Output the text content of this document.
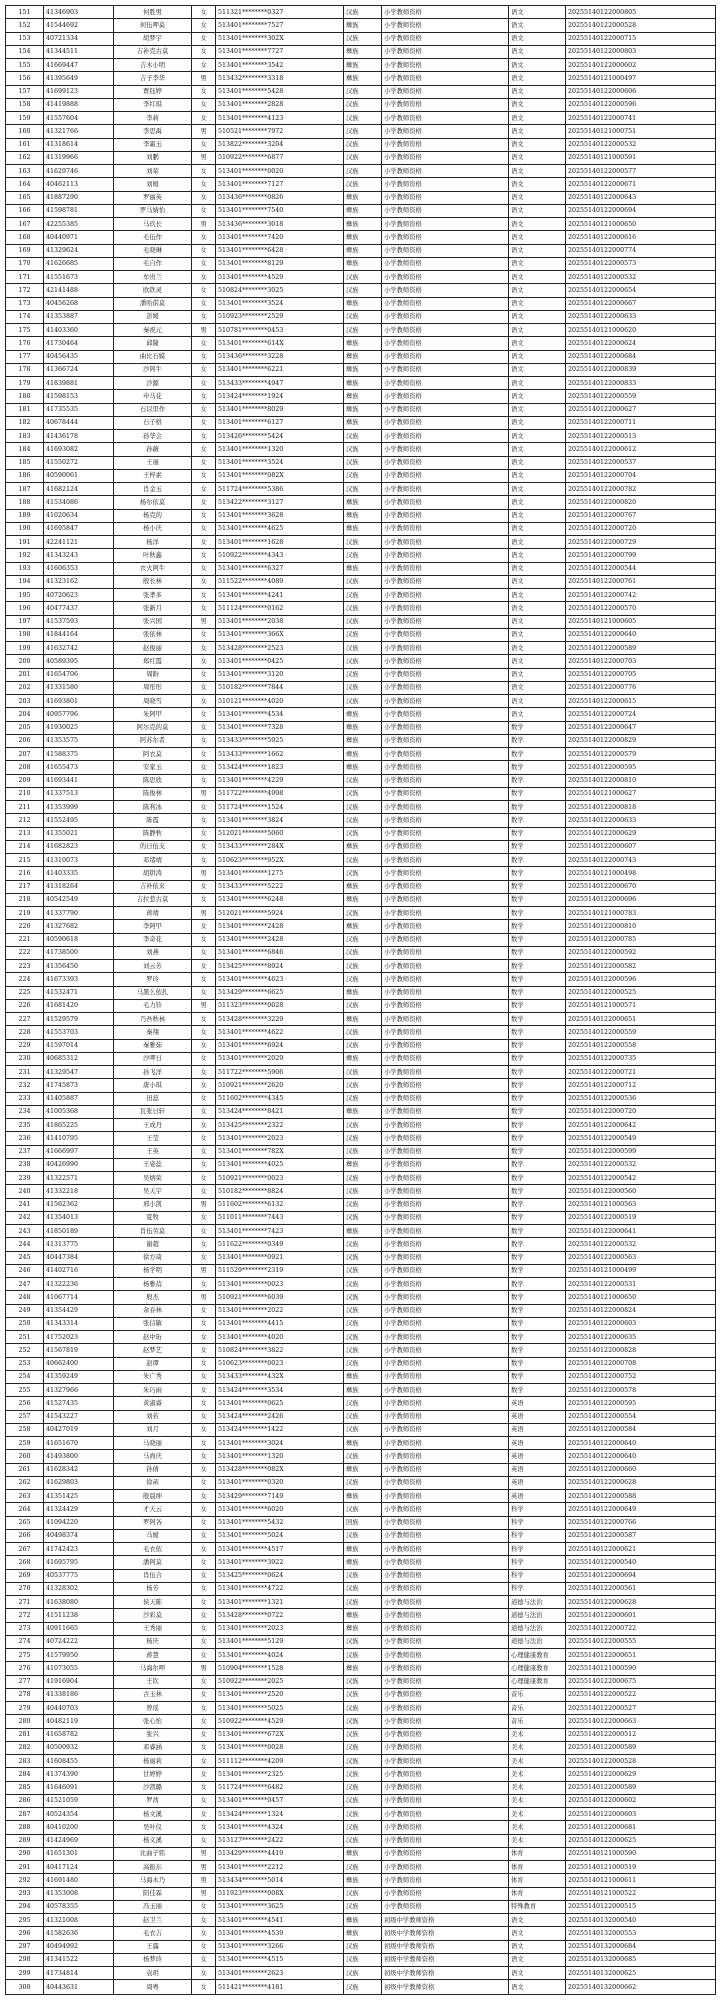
151	41346903	何胜男	女	511321********0327	汉族	小学教师资格	语文	20255140122000805
152	41544692	何伍呷莫	女	513401********7527	彝族	小学教师资格	语文	20255140122000528
153	40721334	胡梦宇	女	513401********302X	汉族	小学教师资格	语文	20255140122000715
154	41344511	吉补克古莫	女	513401********7727	彝族	小学教师资格	语文	20255140122000803
155	41669447	吉木小明	女	513401********3542	彝族	小学教师资格	语文	20255140122000602
156	41395649	吉子李华	男	513432********3318	彝族	小学教师资格	语文	20255140121000497
157	41699123	贾钰婷	女	513401********5428	汉族	小学教师资格	语文	20255140122000606
158	41419888	李红琪	女	513401********2828	汉族	小学教师资格	语文	20255140122000596
159	41557604	李莉	女	513401********4123	汉族	小学教师资格	语文	20255140122000741
160	41321766	李思禹	男	510521********7972	汉族	小学教师资格	语文	20255140121000751
161	41318614	李霜玉	女	513822********3204	汉族	小学教师资格	语文	20255140122000532
162	41319966	刘鹏	男	510922********6877	汉族	小学教师资格	语文	20255140121000591
163	41629746	刘荣	女	513401********0020	汉族	小学教师资格	语文	20255140122000577
164	40462113	刘媛	女	513401********7127	汉族	小学教师资格	语文	20255140122000671
165	41887290	罗丽英	女	513436********0826	彝族	小学教师资格	语文	20255140122000643
166	41598781	罗马婧怡	女	513401********7540	彝族	小学教师资格	语文	20255140122000694
167	42255385	马玖长	男	513436********3018	彝族	小学教师资格	语文	20255140121000650
168	40440971	毛伍作	女	513401********7420	彝族	小学教师资格	语文	20255140122000616
169	41329624	毛晓琳	女	513401********6428	彝族	小学教师资格	语文	20255140122000774
170	41626685	毛自作	女	513401********8129	彝族	小学教师资格	语文	20255140122000573
171	41551673	牟贵兰	女	513401********4529	汉族	小学教师资格	语文	20255140122000532
172	42141488	欧铁灵	女	510824********3025	汉族	小学教师资格	语文	20255140122000654
173	40456268	潘哈偌莫	女	513401********3524	彝族	小学教师资格	语文	20255140122000667
174	41353887	彭媛	女	510923********2529	汉族	小学教师资格	语文	20255140122000633
175	41403360	秦祝元	男	510781********0453	汉族	小学教师资格	语文	20255140121000620
176	41730464	邱隆	女	513401********614X	彝族	小学教师资格	语文	20255140122000624
177	40456435	曲比石嫫	女	513436********3228	彝族	小学教师资格	语文	20255140122000684
178	41366724	沙阿牛	女	513401********6221	彝族	小学教师资格	语文	20255140122000839
179	41839881	沙源	女	513433********4947	彝族	小学教师资格	语文	20255140122000833
180	41598153	申马花	女	513424********1924	彝族	小学教师资格	语文	20255140122000559
181	41735535	石以里作	女	513401********8029	彝族	小学教师资格	语文	20255140122000627
182	40678444	石子格	女	513401********6127	彝族	小学教师资格	语文	20255140122000711
183	41436178	孙华会	女	513426********5424	汉族	小学教师资格	语文	20255140122000513
184	41693082	孙薇	女	513401********1320	汉族	小学教师资格	语文	20255140122000612
185	41550272	王丽	女	513401********3524	汉族	小学教师资格	语文	20255140122000537
186	40590061	王梓素	女	513401********082X	汉族	小学教师资格	语文	20255140122000704
187	41682124	肖金玉	女	511724********5386	汉族	小学教师资格	语文	20255140122000782
188	41534086	杨尔依莫	女	513422********3127	彝族	小学教师资格	语文	20255140122000820
189	41020634	杨克的	女	513401********3628	彝族	小学教师资格	语文	20255140122000767
190	41695847	杨小庆	女	513401********4625	彝族	小学教师资格	语文	20255140122000720
191	42241121	杨洋	女	513401********1628	汉族	小学教师资格	语文	20255140122000729
192	41343243	叶秋鑫	女	510922********4343	汉族	小学教师资格	语文	20255140122000799
193	41606353	衣火阿牛	女	513401********6327	彝族	小学教师资格	语文	20255140122000544
194	41323162	殷长林	女	511522********4089	汉族	小学教师资格	语文	20255140122000761
195	40720623	张孝多	女	513401********4241	汉族	小学教师资格	语文	20255140122000742
196	40477437	张新月	女	511124********0162	汉族	小学教师资格	语文	20255140122000570
197	41537593	张兴国	男	513401********2038	汉族	小学教师资格	语文	20255140121000605
198	41844164	张依林	女	513401********366X	汉族	小学教师资格	语文	20255140122000640
199	41632742	赵俊丽	女	513428********2523	汉族	小学教师资格	语文	20255140122000589
200	40589395	郑红霞	女	513401********0425	汉族	小学教师资格	语文	20255140122000703
201	41654706	周盼	女	513401********3120	汉族	小学教师资格	语文	20255140122000705
202	41331580	周彤彤	女	510182********7844	汉族	小学教师资格	语文	20255140122000776
203	41693801	周晓雪	女	510121********4020	汉族	小学教师资格	语文	20255140122000615
204	40957796	朱阿甲	女	513401********4534	彝族	小学教师资格	语文	20255140122000724
205	41930025	阿尔克的莫	女	513401********7328	彝族	小学教师资格	数学	20255140122000647
206	41353575	阿苏尔者	女	513433********5925	彝族	小学教师资格	数学	20255140122000829
207	41588375	阿衣莫	女	513433********1662	彝族	小学教师资格	数学	20255140122000579
208	41655473	安家玉	女	513424********1823	彝族	小学教师资格	数学	20255140122000595
209	41693441	陈思欣	女	513401********4229	汉族	小学教师资格	数学	20255140122000810
210	41337513	陈俊林	男	511722********4998	汉族	小学教师资格	数学	20255140121000627
211	41353999	陈利冰	女	511724********1524	汉族	小学教师资格	数学	20255140122000818
212	41552495	陈霞	女	513401********3824	汉族	小学教师资格	数学	20255140122000633
213	41355021	陈静秋	女	512021********5060	汉族	小学教师资格	数学	20255140122000629
214	41682823	的日伍支	女	513433********284X	彝族	小学教师资格	数学	20255140122000607
215	41310073	邓绪靖	女	510623********952X	汉族	小学教师资格	数学	20255140122000743
216	41403335	胡钥涛	男	513401********1275	汉族	小学教师资格	数学	20255140121000498
217	41318264	吉补依来	女	513433********5222	彝族	小学教师资格	数学	20255140122000670
218	40542549	吉拉惹古莫	女	513401********6248	彝族	小学教师资格	数学	20255140122000696
219	41337790	蒋靖	男	512021********5924	汉族	小学教师资格	数学	20255140121000783
220	41327682	李阿甲	女	513401********2428	彝族	小学教师资格	数学	20255140122000810
221	40590618	李奇花	女	513401********2428	汉族	小学教师资格	数学	20255140122000785
222	41738500	刘燕	女	513401********6846	汉族	小学教师资格	数学	20255140122000592
223	41356450	刘云芳	女	513425********8924	汉族	小学教师资格	数学	20255140122000582
224	41673393	罗玲	女	513401********4623	汉族	小学教师资格	数学	20255140122000596
225	41532471	马黑么依扎	女	513429********6625	彝族	小学教师资格	数学	20255140122000525
226	41681420	毛力铃	男	511323********0028	汉族	小学教师资格	数学	20255140121000571
227	41529579	乃吾秋林	女	513428********3229	彝族	小学教师资格	数学	20255140122000651
228	41553703	秦翔	女	513401********4622	汉族	小学教师资格	数学	20255140122000559
229	41597014	秦雅茹	女	513401********6924	汉族	小学教师资格	数学	20255140122000558
230	40685312	沙呷日	女	513401********2029	彝族	小学教师资格	数学	20255140122000735
231	41329547	孙飞洋	女	511722********5906	汉族	小学教师资格	数学	20255140122000721
232	41745873	唐小琪	女	510921********2620	汉族	小学教师资格	数学	20255140122000712
233	41405887	田蕊	女	511602********4345	汉族	小学教师资格	数学	20255140122000536
234	41005368	瓦张日轩	女	513424********8421	彝族	小学教师资格	数学	20255140122000720
235	41865225	王成丹	女	513425********2322	汉族	小学教师资格	数学	20255140122000642
236	41410795	王莹	女	513401********2023	汉族	小学教师资格	数学	20255140122000549
237	41666997	王英	女	513401********782X	汉族	小学教师资格	数学	20255140122000599
238	40426990	王姿蕊	女	513401********4025	彝族	小学教师资格	数学	20255140122000532
239	41322571	吴炳荣	女	510921********0023	汉族	小学教师资格	数学	20255140122000542
240	41332218	吴天宇	女	510182********8824	汉族	小学教师资格	数学	20255140122000560
241	41562362	邢小凯	男	511602********6132	汉族	小学教师资格	数学	20255140121000563
242	41354013	夏牧	女	511011********7443	汉族	小学教师资格	数学	20255140122000519
243	41850189	肖伍劳莫	女	513401********7423	彝族	小学教师资格	数学	20255140122000641
244	41313775	谢超	女	511622********0349	汉族	小学教师资格	数学	20255140122000532
245	40447384	徐方琦	女	513401********0921	汉族	小学教师资格	数学	20255140122000563
246	41402716	杨学明	男	511529********2319	汉族	小学教师资格	数学	20255140121000499
247	41322236	杨雅蓓	女	513401********0023	汉族	小学教师资格	数学	20255140122000531
248	41067714	殷杰	男	510921********6039	汉族	小学教师资格	数学	20255140121000650
249	41354429	余春林	女	513401********2022	汉族	小学教师资格	数学	20255140122000824
250	41343314	张信敏	女	513401********4415	汉族	小学教师资格	数学	20255140122000603
251	41752023	赵中珩	女	513401********4020	汉族	小学教师资格	数学	20255140122000635
252	41567819	赵梦艺	女	510824********3822	汉族	小学教师资格	数学	20255140122000828
253	40662400	赵谭	女	510623********0023	汉族	小学教师资格	数学	20255140122000708
254	41359249	朱广秀	女	513433********432X	彝族	小学教师资格	数学	20255140122000752
255	41327966	朱巧雨	女	513424********3534	彝族	小学教师资格	数学	20255140122000578
256	41527435	黄淑睿	女	513401********0625	汉族	小学教师资格	英语	20255140122000595
257	41543227	刘若	女	513424********2426	汉族	小学教师资格	英语	20255140122000554
258	40427019	刘月	女	513424********1422	汉族	小学教师资格	英语	20255140122000584
259	41651670	马晓丽	女	513401********3024	彝族	小学教师资格	英语	20255140122000640
260	41493800	马尚庆	女	513401********1320	汉族	小学教师资格	英语	20255140122000640
261	41628342	孙倩	女	513428********082X	彝族	小学教师资格	英语	20255140122000660
262	41629803	徐菡	女	513401********0320	汉族	小学教师资格	英语	20255140122000628
263	41351425	殷晨坤	女	513429********7149	彝族	小学教师资格	英语	20255140122000588
264	41324429	才天云	女	513401********6020	汉族	小学教师资格	科学	20255140122000649
265	41094220	罗阿各	女	513401********5432	回族	小学教师资格	科学	20255140122000766
266	40498374	马媛	女	513401********5024	汉族	小学教师资格	科学	20255140122000587
267	41742423	毛衣依	女	513401********4517	彝族	小学教师资格	科学	20255140122000621
268	41695795	潘阿莫	女	513401********3922	彝族	小学教师资格	科学	20255140122000540
269	40537775	肖伍合	女	513425********0624	汉族	小学教师资格	科学	20255140122000694
270	41328302	杨芳	女	513401********4722	汉族	小学教师资格	科学	20255140122000561
271	41638080	侯天陈	女	513401********1321	汉族	小学教师资格	道德与法治	20255140122000628
272	41511238	沙彩莫	女	513428********0722	彝族	小学教师资格	道德与法治	20255140122000601
273	40911665	王秀丽	女	513401********2023	彝族	小学教师资格	道德与法治	20255140122000722
274	40724222	杨庆	女	513401********5129	汉族	小学教师资格	道德与法治	20255140122000555
275	41579950	蒋慧	女	513401********4024	汉族	小学教师资格	心理健康教育	20255140122000651
276	41073055	马海尔呷	男	510904********1528	彝族	小学教师资格	心理健康教育	20255140121000590
277	41916904	王钦	女	510922********2025	汉族	小学教师资格	心理健康教育	20255140122000675
278	41338186	古玉林	女	513401********2520	汉族	小学教师资格	音乐	20255140122000522
279	40440703	曾瑶	女	513401********5025	汉族	小学教师资格	音乐	20255140122000527
280	40482119	张心怡	女	510922********4529	汉族	小学教师资格	音乐	20255140122000663
281	41658782	张兴	女	513401********672X	汉族	小学教师资格	美术	20255140122000512
282	40500932	邓睿涵	女	513401********0028	汉族	小学教师资格	美术	20255140122000589
283	41608455	杨丽莉	女	511112********4209	汉族	小学教师资格	美术	20255140122000528
284	41374390	甘婷婷	女	513401********2325	汉族	小学教师资格	美术	20255140122000629
285	41646091	沙凯璐	女	511724********6482	汉族	小学教师资格	美术	20255140122000589
286	41521059	罗茜	女	513401********0457	汉族	小学教师资格	美术	20255140122000602
287	40524354	杨文溪	女	513424********1324	汉族	小学教师资格	美术	20255140122000603
288	40410200	吴叶仪	女	513401********4324	汉族	小学教师资格	美术	20255140122000681
289	41424969	杨义溪	女	513127********2422	汉族	小学教师资格	美术	20255140122000625
290	41651301	比曲子铭	男	513429********4419	彝族	小学教师资格	体育	20255140121000590
291	40417124	高振东	男	513401********2212	汉族	小学教师资格	体育	20255140121000519
292	41691480	马海木乃	男	513434********5014	彝族	小学教师资格	体育	20255140121000611
293	41353008	阳佳霖	男	511923********008X	汉族	小学教师资格	体育	20255140121000522
294	40578355	冯玉丽	女	513401********3625	汉族	小学教师资格	特殊教育	20255140122000515
295	41321008	赵卫兰	女	513401********4541	彝族	初级中学教师资格	语文	20255140132000540
296	41582636	毛衣吉	女	513401********4539	彝族	初级中学教师资格	语文	20255140132000553
297	40494992	王露	女	513401********3266	汉族	初级中学教师资格	语文	20255140132000684
298	41341522	杨梦玲	女	513401********4515	汉族	初级中学教师资格	语文	20255140132000685
299	41734814	袁玥	女	513401********2623	汉族	初级中学教师资格	语文	20255140132000625
300	40443631	周粤	女	511421********4181	汉族	初级中学教师资格	语文	20255140132000662
